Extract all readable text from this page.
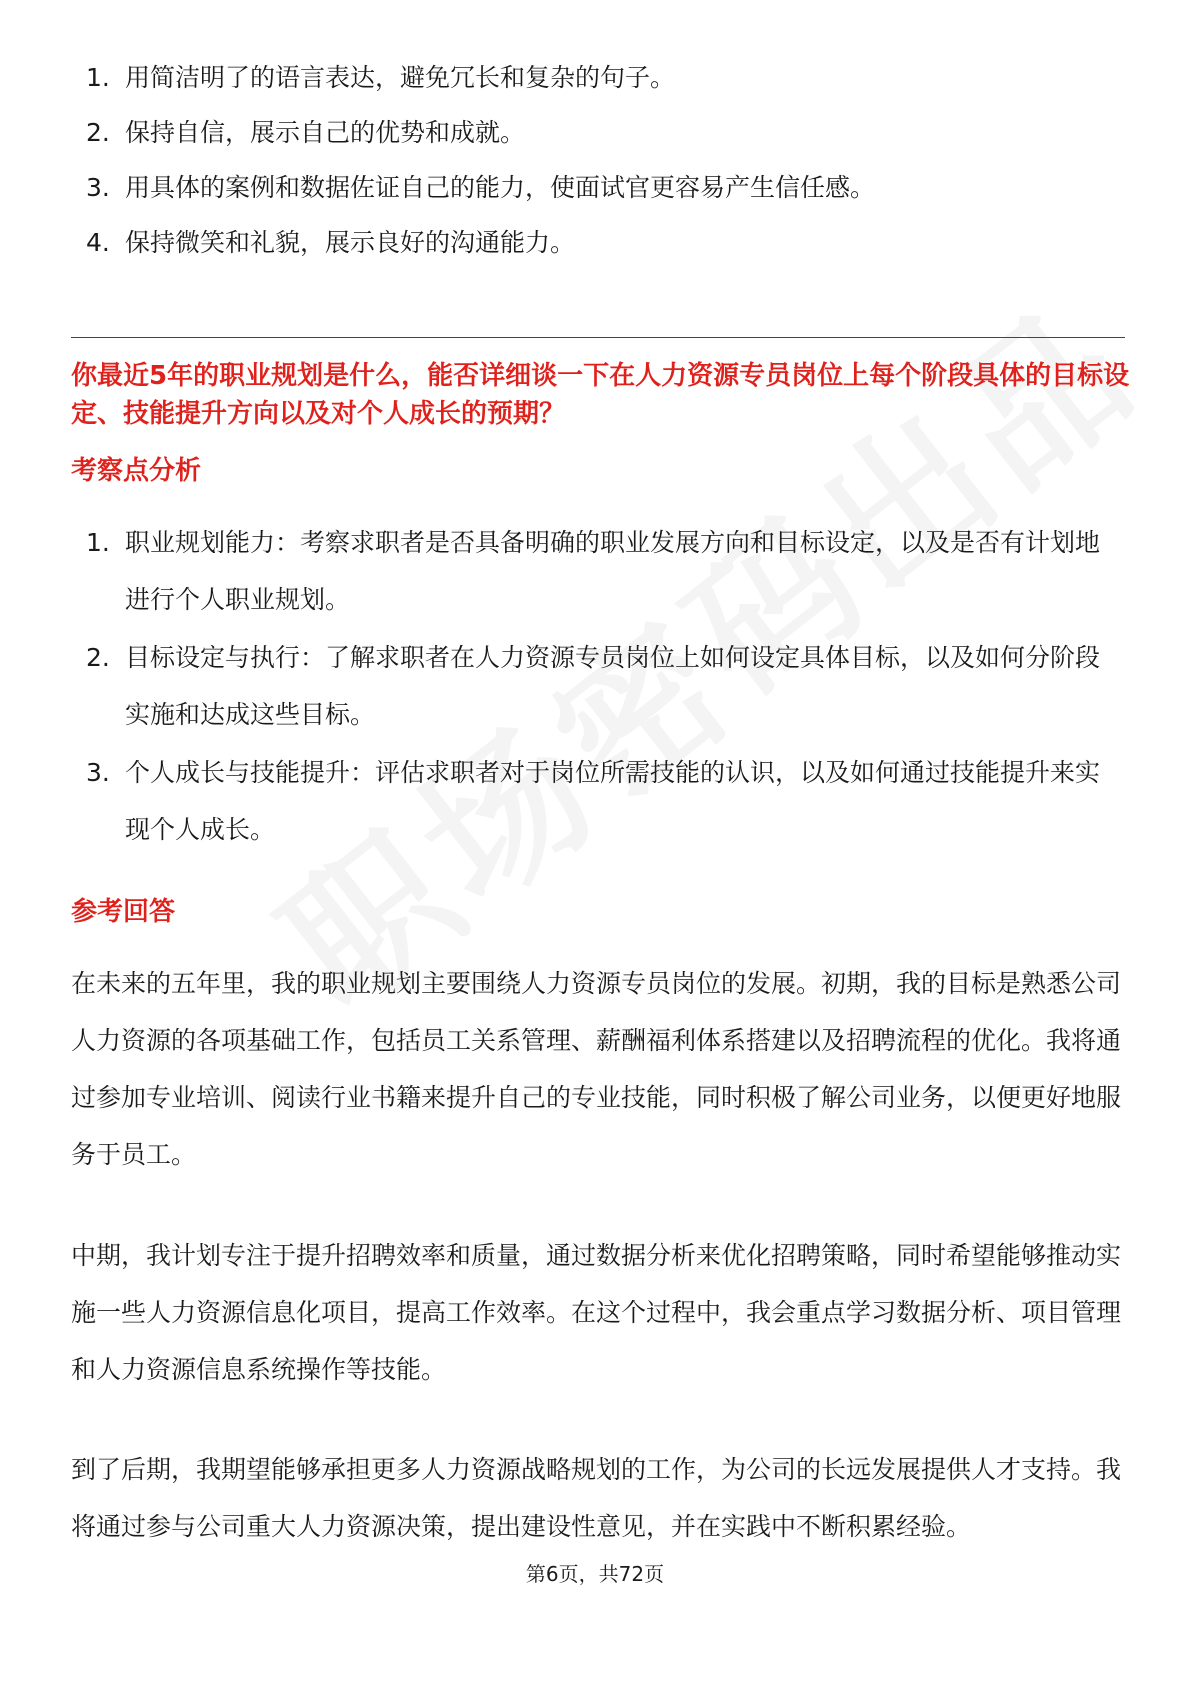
1. 用简洁明了的语言表达，避免冗长和复杂的句子。
2. 保持自信，展示自己的优势和成就。
3. 用具体的案例和数据佐证自己的能力，使面试官更容易产生信任感。
4. 保持微笑和礼貌，展示良好的沟通能力。
你最近5年的职业规划是什么，能否详细谈一下在人力资源专员岗位上每个阶段具体的目标设定、技能提升方向以及对个人成长的预期？
考察点分析
1. 职业规划能力：考察求职者是否具备明确的职业发展方向和目标设定，以及是否有计划地进行个人职业规划。
2. 目标设定与执行：了解求职者在人力资源专员岗位上如何设定具体目标，以及如何分阶段实施和达成这些目标。
3. 个人成长与技能提升：评估求职者对于岗位所需技能的认识，以及如何通过技能提升来实现个人成长。
参考回答
在未来的五年里，我的职业规划主要围绕人力资源专员岗位的发展。初期，我的目标是熟悉公司人力资源的各项基础工作，包括员工关系管理、薪酬福利体系搭建以及招聘流程的优化。我将通过参加专业培训、阅读行业书籍来提升自己的专业技能，同时积极了解公司业务，以便更好地服务于员工。
中期，我计划专注于提升招聘效率和质量，通过数据分析来优化招聘策略，同时希望能够推动实施一些人力资源信息化项目，提高工作效率。在这个过程中，我会重点学习数据分析、项目管理和人力资源信息系统操作等技能。
到了后期，我期望能够承担更多人力资源战略规划的工作，为公司的长远发展提供人才支持。我将通过参与公司重大人力资源决策，提出建设性意见，并在实践中不断积累经验。
第6页，共72页
